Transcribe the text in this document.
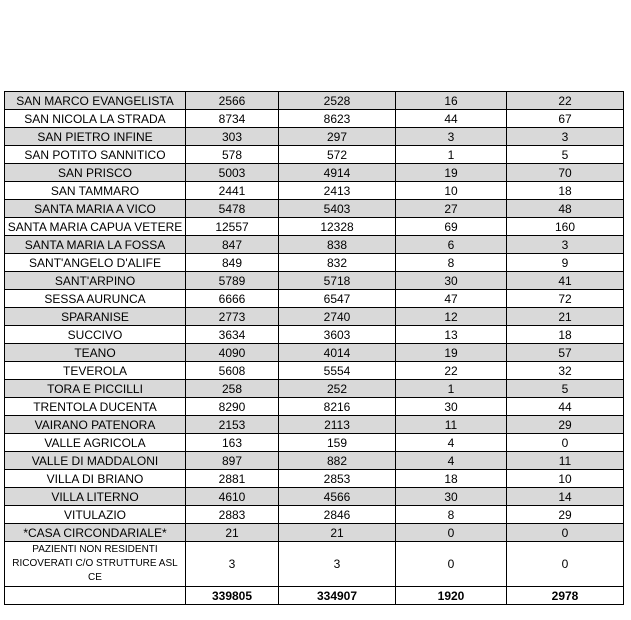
SAN MARCO EVANGELISTA	2566	2528	16	22
SAN NICOLA LA STRADA	8734	8623	44	67
SAN PIETRO INFINE	303	297	3	3
SAN POTITO SANNITICO	578	572	1	5
SAN PRISCO	5003	4914	19	70
SAN TAMMARO	2441	2413	10	18
SANTA MARIA A VICO	5478	5403	27	48
SANTA MARIA CAPUA VETERE	12557	12328	69	160
SANTA MARIA LA FOSSA	847	838	6	3
SANT'ANGELO D'ALIFE	849	832	8	9
SANT'ARPINO	5789	5718	30	41
SESSA AURUNCA	6666	6547	47	72
SPARANISE	2773	2740	12	21
SUCCIVO	3634	3603	13	18
TEANO	4090	4014	19	57
TEVEROLA	5608	5554	22	32
TORA E PICCILLI	258	252	1	5
TRENTOLA DUCENTA	8290	8216	30	44
VAIRANO PATENORA	2153	2113	11	29
VALLE AGRICOLA	163	159	4	0
VALLE DI MADDALONI	897	882	4	11
VILLA DI BRIANO	2881	2853	18	10
VILLA LITERNO	4610	4566	30	14
VITULAZIO	2883	2846	8	29
*CASA CIRCONDARIALE*	21	21	0	0
PAZIENTI NON RESIDENTI RICOVERATI C/O STRUTTURE ASL CE	3	3	0	0
	339805	334907	1920	2978
